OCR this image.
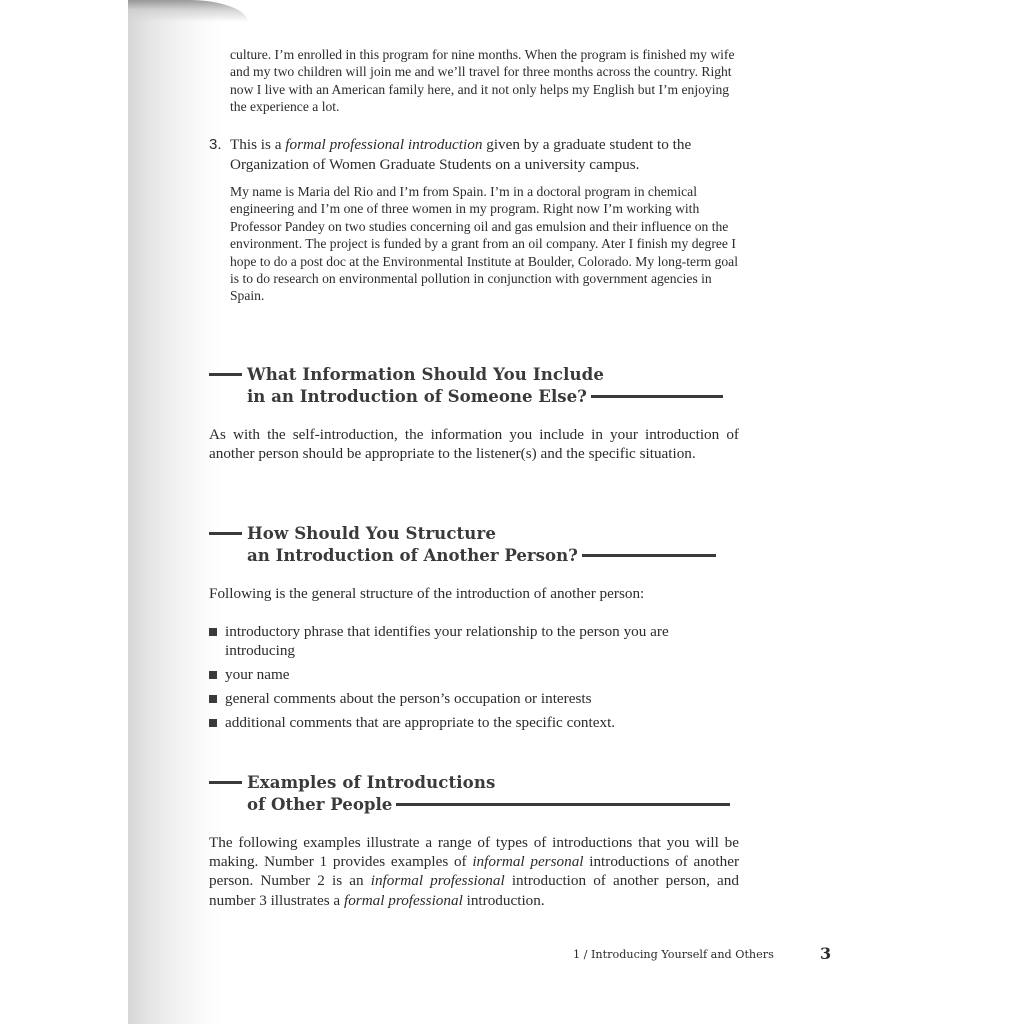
culture. I’m enrolled in this program for nine months. When the program is finished my wife and my two children will join me and we’ll travel for three months across the country. Right now I live with an American family here, and it not only helps my English but I’m enjoying the experience a lot.

3. This is a formal professional introduction given by a graduate student to the Organization of Women Graduate Students on a university campus.

My name is Maria del Rio and I’m from Spain. I’m in a doctoral program in chemical engineering and I’m one of three women in my program. Right now I’m working with Professor Pandey on two studies concerning oil and gas emulsion and their influence on the environment. The project is funded by a grant from an oil company. Ater I finish my degree I hope to do a post doc at the Environmental Institute at Boulder, Colorado. My long-term goal is to do research on environmental pollution in conjunction with government agencies in Spain.

What Information Should You Include
in an Introduction of Someone Else?

As with the self-introduction, the information you include in your introduction of another person should be appropriate to the listener(s) and the specific situation.

How Should You Structure
an Introduction of Another Person?

Following is the general structure of the introduction of another person:

introductory phrase that identifies your relationship to the person you are introducing
your name
general comments about the person’s occupation or interests
additional comments that are appropriate to the specific context.
Examples of Introductions
of Other People

The following examples illustrate a range of types of introductions that you will be making. Number 1 provides examples of informal personal introductions of another person. Number 2 is an informal professional introduction of another person, and number 3 illustrates a formal professional introduction.

1 / Introducing Yourself and Others	3
